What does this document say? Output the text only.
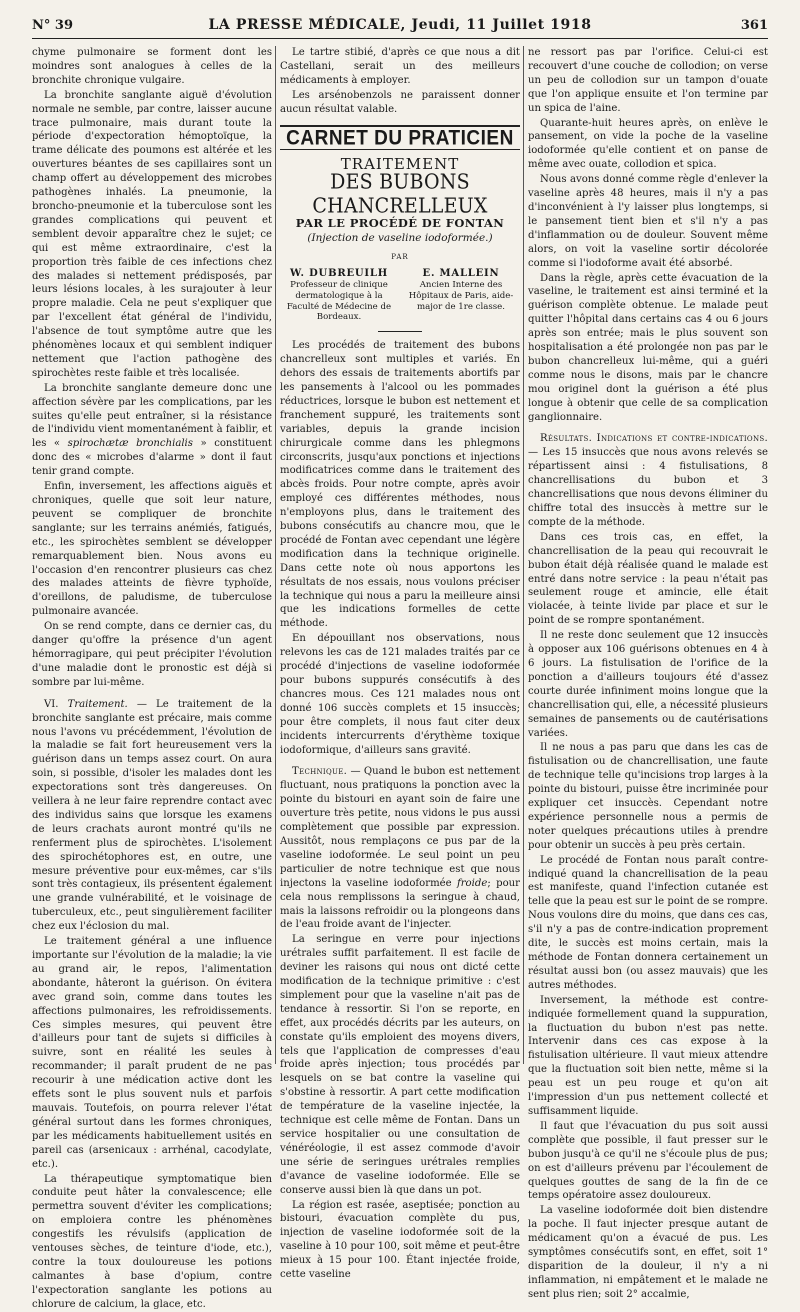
N° 39	LA PRESSE MÉDICALE, Jeudi, 11 Juillet 1918	361

chyme pulmonaire se forment dont les moindres sont analogues à celles de la bronchite chronique vulgaire.

La bronchite sanglante aiguë d'évolution normale ne semble, par contre, laisser aucune trace pulmonaire, mais durant toute la période d'expectoration hémoptoïque, la trame délicate des poumons est altérée et les ouvertures béantes de ses capillaires sont un champ offert au développement des microbes pathogènes inhalés. La pneumonie, la broncho-pneumonie et la tuberculose sont les grandes complications qui peuvent et semblent devoir apparaître chez le sujet; ce qui est même extraordinaire, c'est la proportion très faible de ces infections chez des malades si nettement prédisposés, par leurs lésions locales, à les surajouter à leur propre maladie. Cela ne peut s'expliquer que par l'excellent état général de l'individu, l'absence de tout symptôme autre que les phénomènes locaux et qui semblent indiquer nettement que l'action pathogène des spirochètes reste faible et très localisée.

La bronchite sanglante demeure donc une affection sévère par les complications, par les suites qu'elle peut entraîner, si la résistance de l'individu vient momentanément à faiblir, et les « spirochætæ bronchialis » constituent donc des « microbes d'alarme » dont il faut tenir grand compte.

Enfin, inversement, les affections aiguës et chroniques, quelle que soit leur nature, peuvent se compliquer de bronchite sanglante; sur les terrains anémiés, fatigués, etc., les spirochètes semblent se développer remarquablement bien. Nous avons eu l'occasion d'en rencontrer plusieurs cas chez des malades atteints de fièvre typhoïde, d'oreillons, de paludisme, de tuberculose pulmonaire avancée.

On se rend compte, dans ce dernier cas, du danger qu'offre la présence d'un agent hémorragipare, qui peut précipiter l'évolution d'une maladie dont le pronostic est déjà si sombre par lui-même.

VI. Traitement. — Le traitement de la bronchite sanglante est précaire, mais comme nous l'avons vu précédemment, l'évolution de la maladie se fait fort heureusement vers la guérison dans un temps assez court. On aura soin, si possible, d'isoler les malades dont les expectorations sont très dangereuses. On veillera à ne leur faire reprendre contact avec des individus sains que lorsque les examens de leurs crachats auront montré qu'ils ne renferment plus de spirochètes. L'isolement des spirochétophores est, en outre, une mesure préventive pour eux-mêmes, car s'ils sont très contagieux, ils présentent également une grande vulnérabilité, et le voisinage de tuberculeux, etc., peut singulièrement faciliter chez eux l'éclosion du mal.

Le traitement général a une influence importante sur l'évolution de la maladie; la vie au grand air, le repos, l'alimentation abondante, hâteront la guérison. On évitera avec grand soin, comme dans toutes les affections pulmonaires, les refroidissements. Ces simples mesures, qui peuvent être d'ailleurs pour tant de sujets si difficiles à suivre, sont en réalité les seules à recommander; il paraît prudent de ne pas recourir à une médication active dont les effets sont le plus souvent nuls et parfois mauvais. Toutefois, on pourra relever l'état général surtout dans les formes chroniques, par les médicaments habituellement usités en pareil cas (arsenicaux : arrhénal, cacodylate, etc.).

La thérapeutique symptomatique bien conduite peut hâter la convalescence; elle permettra souvent d'éviter les complications; on emploiera contre les phénomènes congestifs les révulsifs (application de ventouses sèches, de teinture d'iode, etc.), contre la toux douloureuse les potions calmantes à base d'opium, contre l'expectoration sanglante les potions au chlorure de calcium, la glace, etc.

Le tartre stibié, d'après ce que nous a dit Castellani, serait un des meilleurs médicaments à employer.

Les arsénobenzols ne paraissent donner aucun résultat valable.

CARNET DU PRATICIEN
TRAITEMENT
DES BUBONS CHANCRELLEUX
PAR LE PROCÉDÉ DE FONTAN
(Injection de vaseline iodoformée.)
PAR
W. DUBREUILH
Professeur de clinique dermatologique à la Faculté de Médecine de Bordeaux.
E. MALLEIN
Ancien Interne des Hôpitaux de Paris, aide-major de 1re classe.

Les procédés de traitement des bubons chancrelleux sont multiples et variés. En dehors des essais de traitements abortifs par les pansements à l'alcool ou les pommades réductrices, lorsque le bubon est nettement et franchement suppuré, les traitements sont variables, depuis la grande incision chirurgicale comme dans les phlegmons circonscrits, jusqu'aux ponctions et injections modificatrices comme dans le traitement des abcès froids. Pour notre compte, après avoir employé ces différentes méthodes, nous n'employons plus, dans le traitement des bubons consécutifs au chancre mou, que le procédé de Fontan avec cependant une légère modification dans la technique originelle. Dans cette note où nous apportons les résultats de nos essais, nous voulons préciser la technique qui nous a paru la meilleure ainsi que les indications formelles de cette méthode.

En dépouillant nos observations, nous relevons les cas de 121 malades traités par ce procédé d'injections de vaseline iodoformée pour bubons suppurés consécutifs à des chancres mous. Ces 121 malades nous ont donné 106 succès complets et 15 insuccès; pour être complets, il nous faut citer deux incidents intercurrents d'érythème toxique iodoformique, d'ailleurs sans gravité.

Technique. — Quand le bubon est nettement fluctuant, nous pratiquons la ponction avec la pointe du bistouri en ayant soin de faire une ouverture très petite, nous vidons le pus aussi complètement que possible par expression. Aussitôt, nous remplaçons ce pus par de la vaseline iodoformée. Le seul point un peu particulier de notre technique est que nous injectons la vaseline iodoformée froide; pour cela nous remplissons la seringue à chaud, mais la laissons refroidir ou la plongeons dans de l'eau froide avant de l'injecter.

La seringue en verre pour injections urétrales suffit parfaitement. Il est facile de deviner les raisons qui nous ont dicté cette modification de la technique primitive : c'est simplement pour que la vaseline n'ait pas de tendance à ressortir. Si l'on se reporte, en effet, aux procédés décrits par les auteurs, on constate qu'ils emploient des moyens divers, tels que l'application de compresses d'eau froide après injection; tous procédés par lesquels on se bat contre la vaseline qui s'obstine à ressortir. A part cette modification de température de la vaseline injectée, la technique est celle même de Fontan. Dans un service hospitalier ou une consultation de vénéréologie, il est assez commode d'avoir une série de seringues urétrales remplies d'avance de vaseline iodoformée. Elle se conserve aussi bien là que dans un pot.

La région est rasée, aseptisée; ponction au bistouri, évacuation complète du pus, injection de vaseline iodoformée soit de la vaseline à 10 pour 100, soit même et peut-être mieux à 15 pour 100. Étant injectée froide, cette vaseline

ne ressort pas par l'orifice. Celui-ci est recouvert d'une couche de collodion; on verse un peu de collodion sur un tampon d'ouate que l'on applique ensuite et l'on termine par un spica de l'aine.

Quarante-huit heures après, on enlève le pansement, on vide la poche de la vaseline iodoformée qu'elle contient et on panse de même avec ouate, collodion et spica.

Nous avons donné comme règle d'enlever la vaseline après 48 heures, mais il n'y a pas d'inconvénient à l'y laisser plus longtemps, si le pansement tient bien et s'il n'y a pas d'inflammation ou de douleur. Souvent même alors, on voit la vaseline sortir décolorée comme si l'iodoforme avait été absorbé.

Dans la règle, après cette évacuation de la vaseline, le traitement est ainsi terminé et la guérison complète obtenue. Le malade peut quitter l'hôpital dans certains cas 4 ou 6 jours après son entrée; mais le plus souvent son hospitalisation a été prolongée non pas par le bubon chancrelleux lui-même, qui a guéri comme nous le disons, mais par le chancre mou originel dont la guérison a été plus longue à obtenir que celle de sa complication ganglionnaire.

Résultats. Indications et contre-indications. — Les 15 insuccès que nous avons relevés se répartissent ainsi : 4 fistulisations, 8 chancrellisations du bubon et 3 chancrellisations que nous devons éliminer du chiffre total des insuccès à mettre sur le compte de la méthode.

Dans ces trois cas, en effet, la chancrellisation de la peau qui recouvrait le bubon était déjà réalisée quand le malade est entré dans notre service : la peau n'était pas seulement rouge et amincie, elle était violacée, à teinte livide par place et sur le point de se rompre spontanément.

Il ne reste donc seulement que 12 insuccès à opposer aux 106 guérisons obtenues en 4 à 6 jours. La fistulisation de l'orifice de la ponction a d'ailleurs toujours été d'assez courte durée infiniment moins longue que la chancrellisation qui, elle, a nécessité plusieurs semaines de pansements ou de cautérisations variées.

Il ne nous a pas paru que dans les cas de fistulisation ou de chancrellisation, une faute de technique telle qu'incisions trop larges à la pointe du bistouri, puisse être incriminée pour expliquer cet insuccès. Cependant notre expérience personnelle nous a permis de noter quelques précautions utiles à prendre pour obtenir un succès à peu près certain.

Le procédé de Fontan nous paraît contre-indiqué quand la chancrellisation de la peau est manifeste, quand l'infection cutanée est telle que la peau est sur le point de se rompre. Nous voulons dire du moins, que dans ces cas, s'il n'y a pas de contre-indication proprement dite, le succès est moins certain, mais la méthode de Fontan donnera certainement un résultat aussi bon (ou assez mauvais) que les autres méthodes.

Inversement, la méthode est contre-indiquée formellement quand la suppuration, la fluctuation du bubon n'est pas nette. Intervenir dans ces cas expose à la fistulisation ultérieure. Il vaut mieux attendre que la fluctuation soit bien nette, même si la peau est un peu rouge et qu'on ait l'impression d'un pus nettement collecté et suffisamment liquide.

Il faut que l'évacuation du pus soit aussi complète que possible, il faut presser sur le bubon jusqu'à ce qu'il ne s'écoule plus de pus; on est d'ailleurs prévenu par l'écoulement de quelques gouttes de sang de la fin de ce temps opératoire assez douloureux.

La vaseline iodoformée doit bien distendre la poche. Il faut injecter presque autant de médicament qu'on a évacué de pus. Les symptômes consécutifs sont, en effet, soit 1° disparition de la douleur, il n'y a ni inflammation, ni empâtement et le malade ne sent plus rien; soit 2° accalmie,
